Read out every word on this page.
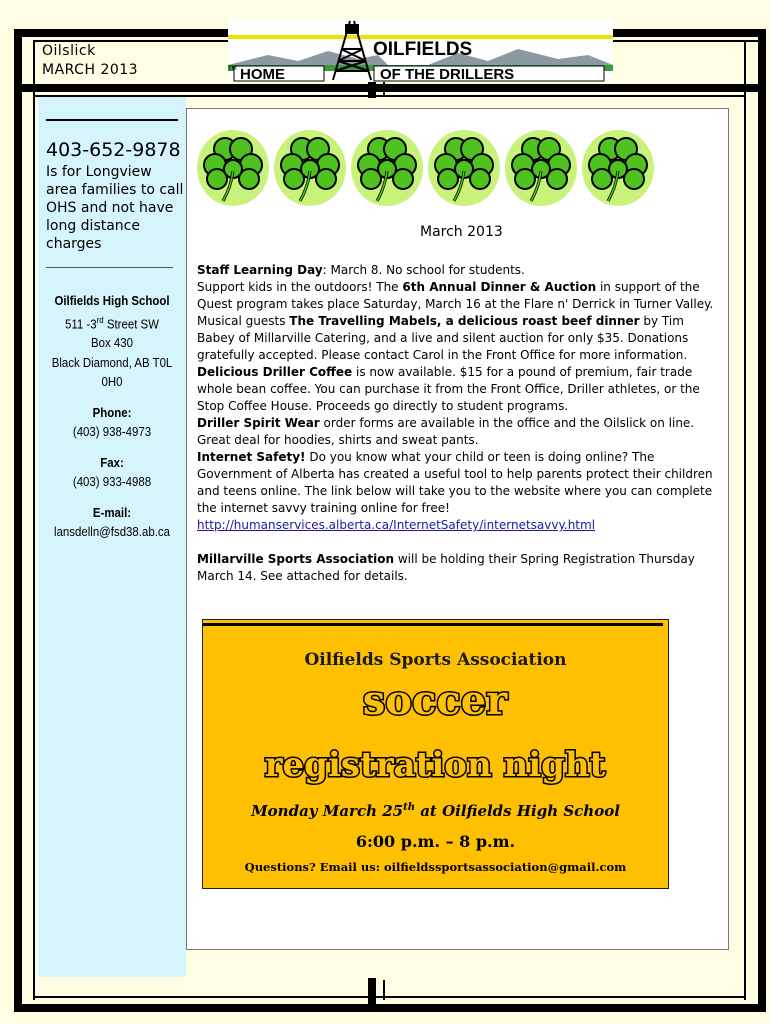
Oilslick
MARCH 2013
OILFIELDS
TM HOME	OF THE DRILLERS
403-652-9878
Is for Longview area families to call OHS and not have long distance charges
Oilfields High School
511 -3rd Street SW
Box 430
Black Diamond, AB T0L
0H0
Phone:
(403) 938-4973
Fax:
(403) 933-4988
E-mail:
lansdelln@fsd38.ab.ca
March 2013

Staff Learning Day: March 8. No school for students.

Support kids in the outdoors! The 6th Annual Dinner & Auction in support of the Quest program takes place Saturday, March 16 at the Flare n' Derrick in Turner Valley. Musical guests The Travelling Mabels, a delicious roast beef dinner by Tim Babey of Millarville Catering, and a live and silent auction for only $35. Donations gratefully accepted. Please contact Carol in the Front Office for more information.

Delicious Driller Coffee is now available. $15 for a pound of premium, fair trade whole bean coffee. You can purchase it from the Front Office, Driller athletes, or the Stop Coffee House. Proceeds go directly to student programs.

Driller Spirit Wear order forms are available in the office and the Oilslick on line. Great deal for hoodies, shirts and sweat pants.

Internet Safety! Do you know what your child or teen is doing online? The Government of Alberta has created a useful tool to help parents protect their children and teens online. The link below will take you to the website where you can complete the internet savvy training online for free!

http://humanservices.alberta.ca/InternetSafety/internetsavvy.html

Millarville Sports Association will be holding their Spring Registration Thursday March 14. See attached for details.

Oilfields Sports Association
soccer
registration night
Monday March 25th at Oilfields High School
6:00 p.m. – 8 p.m.
Questions? Email us: oilfieldssportsassociation@gmail.com
